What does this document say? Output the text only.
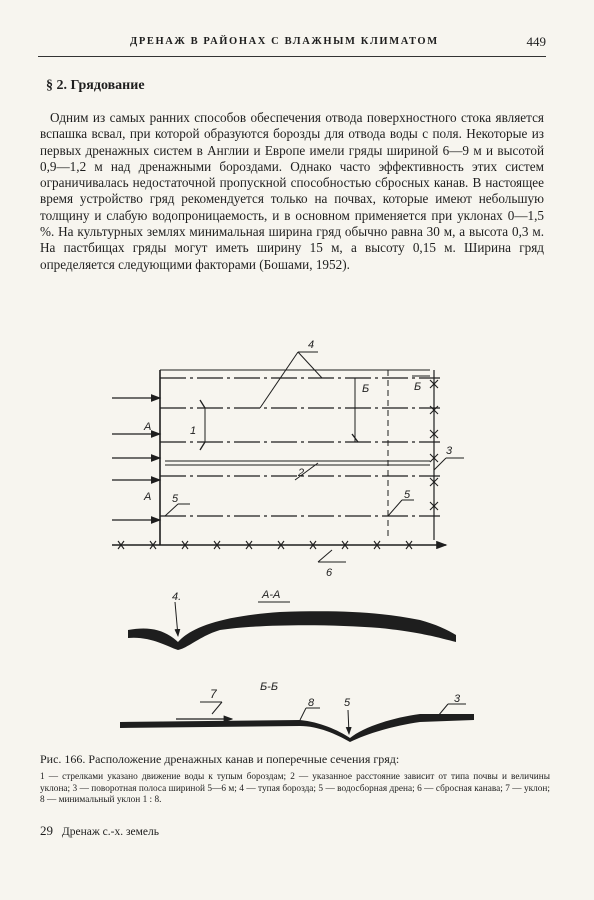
ДРЕНАЖ В РАЙОНАХ С ВЛАЖНЫМ КЛИМАТОМ	449
§ 2. Грядование

Одним из самых ранних способов обеспечения отвода поверхностного стока является вспашка всвал, при которой образуются борозды для отвода воды с поля. Некоторые из первых дренажных систем в Англии и Европе имели гряды шириной 6—9 м и высотой 0,9—1,2 м над дренажными бороздами. Однако часто эффективность этих систем ограничивалась недостаточной пропускной способностью сбросных канав. В настоящее время устройство гряд рекомендуется только на почвах, которые имеют небольшую толщину и слабую водопроницаемость, и в основном применяется при уклонах 0—1,5 %. На культурных землях минимальная ширина гряд обычно равна 30 м, а высота 0,3 м. На пастбищах гряды могут иметь ширину 15 м, а высоту 0,15 м. Ширина гряд определяется следующими факторами (Бошами, 1952).

4
1
2
3
5	5
6
А
А
Б	Б
4.	А-А
Б-Б
7
8	5	3
Рис. 166. Расположение дренажных канав и поперечные сечения гряд:

1 — стрелками указано движение воды к тупым бороздам; 2 — указанное расстояние зависит от типа почвы и величины уклона; 3 — поворотная полоса шириной 5—6 м; 4 — тупая борозда; 5 — водосборная дрена; 6 — сбросная канава; 7 — уклон; 8 — минимальный уклон 1 : 8.

29 Дренаж с.-х. земель
